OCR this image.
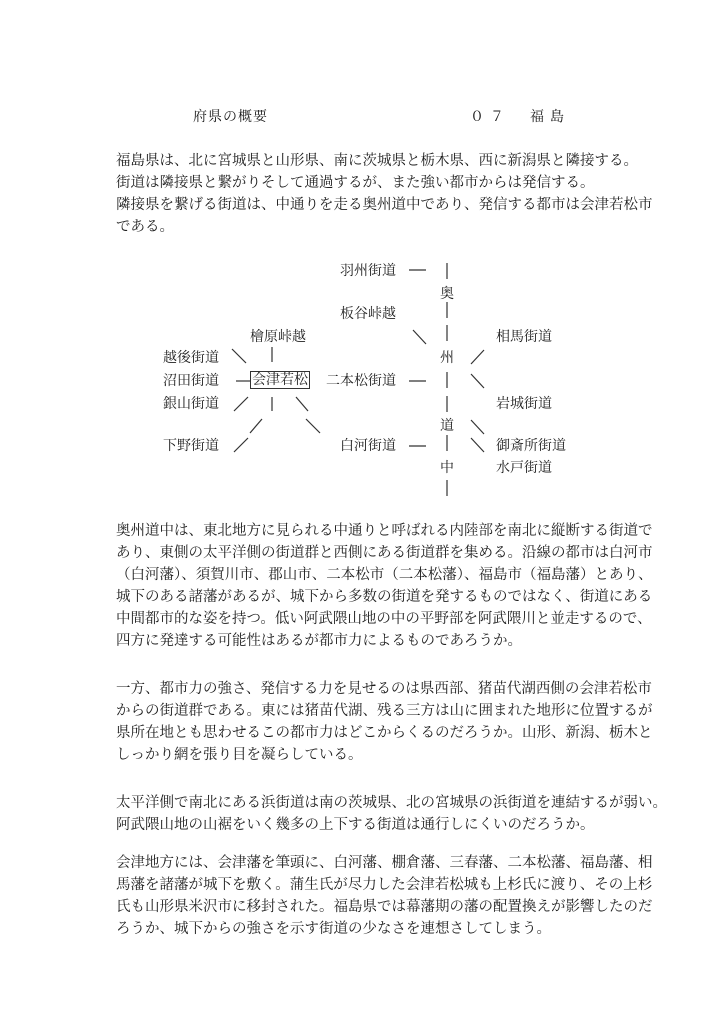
府県の概要	０７ 福島

福島県は、北に宮城県と山形県、南に茨城県と栃木県、西に新潟県と隣接する。
街道は隣接県と繋がりそして通過するが、また強い都市からは発信する。
隣接県を繋げる街道は、中通りを走る奥州道中であり、発信する都市は会津若松市
である。

羽州街道
板谷峠越
二本松街道
白河街道
奥
州
道
中
相馬街道
岩城街道
御斎所街道
水戸街道
檜原峠越
越後街道
沼田街道
銀山街道
下野街道
会津若松

奥州道中は、東北地方に見られる中通りと呼ばれる内陸部を南北に縦断する街道で
あり、東側の太平洋側の街道群と西側にある街道群を集める。沿線の都市は白河市
（白河藩）、須賀川市、郡山市、二本松市（二本松藩）、福島市（福島藩）とあり、
城下のある諸藩があるが、城下から多数の街道を発するものではなく、街道にある
中間都市的な姿を持つ。低い阿武隈山地の中の平野部を阿武隈川と並走するので、
四方に発達する可能性はあるが都市力によるものであろうか。

一方、都市力の強さ、発信する力を見せるのは県西部、猪苗代湖西側の会津若松市
からの街道群である。東には猪苗代湖、残る三方は山に囲まれた地形に位置するが
県所在地とも思わせるこの都市力はどこからくるのだろうか。山形、新潟、栃木と
しっかり網を張り目を凝らしている。

太平洋側で南北にある浜街道は南の茨城県、北の宮城県の浜街道を連結するが弱い。
阿武隈山地の山裾をいく幾多の上下する街道は通行しにくいのだろうか。

会津地方には、会津藩を筆頭に、白河藩、棚倉藩、三春藩、二本松藩、福島藩、相
馬藩を諸藩が城下を敷く。蒲生氏が尽力した会津若松城も上杉氏に渡り、その上杉
氏も山形県米沢市に移封された。福島県では幕藩期の藩の配置換えが影響したのだ
ろうか、城下からの強さを示す街道の少なさを連想さしてしまう。
